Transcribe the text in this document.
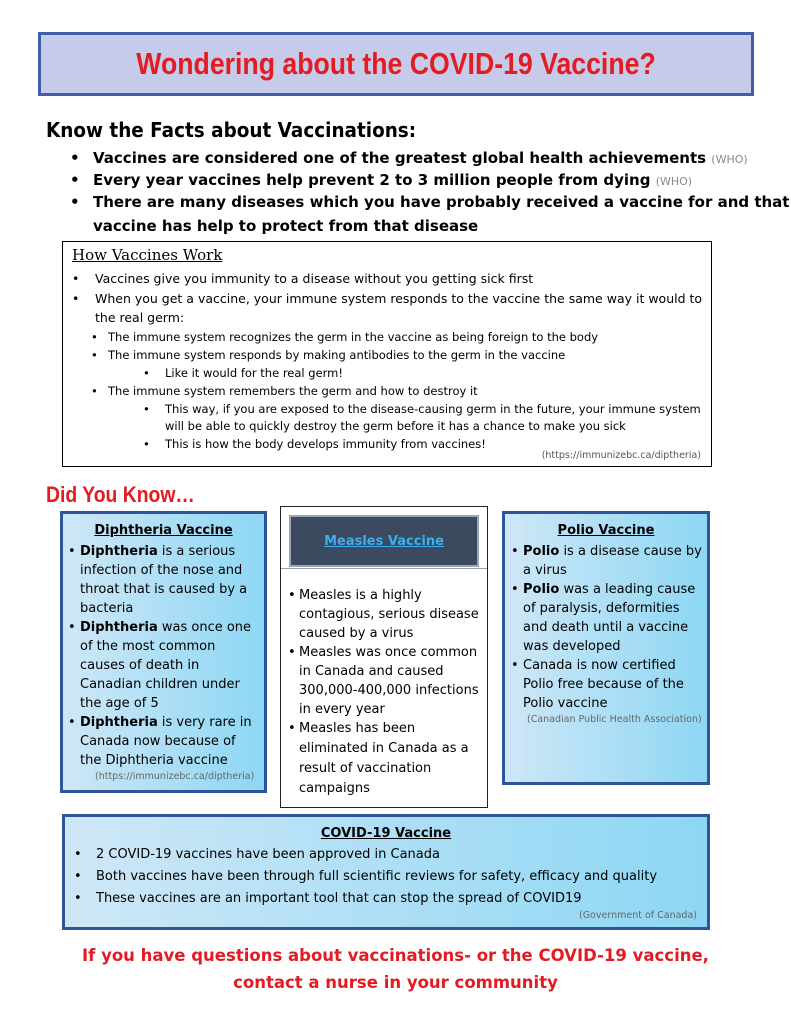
Wondering about the COVID-19 Vaccine?
Know the Facts about Vaccinations:
• Vaccines are considered one of the greatest global health achievements (WHO)
• Every year vaccines help prevent 2 to 3 million people from dying (WHO)
• There are many diseases which you have probably received a vaccine for and that
vaccine has help to protect from that disease
How Vaccines Work
• Vaccines give you immunity to a disease without you getting sick first
• When you get a vaccine, your immune system responds to the vaccine the same way it would to
the real germ:
• The immune system recognizes the germ in the vaccine as being foreign to the body
• The immune system responds by making antibodies to the germ in the vaccine
• Like it would for the real germ!
• The immune system remembers the germ and how to destroy it
• This way, if you are exposed to the disease-causing germ in the future, your immune system
will be able to quickly destroy the germ before it has a chance to make you sick
• This is how the body develops immunity from vaccines!
(https://immunizebc.ca/diptheria)
Did You Know…
Diphtheria Vaccine
• Diphtheria is a serious
infection of the nose and
throat that is caused by a
bacteria
• Diphtheria was once one
of the most common
causes of death in
Canadian children under
the age of 5
• Diphtheria is very rare in
Canada now because of
the Diphtheria vaccine
(https://immunizebc.ca/diptheria)
Measles Vaccine
• Measles is a highly
contagious, serious disease
caused by a virus
• Measles was once common
in Canada and caused
300,000-400,000 infections
in every year
• Measles has been
eliminated in Canada as a
result of vaccination
campaigns
Polio Vaccine
• Polio is a disease cause by
a virus
• Polio was a leading cause
of paralysis, deformities
and death until a vaccine
was developed
• Canada is now certified
Polio free because of the
Polio vaccine
(Canadian Public Health Association)
COVID-19 Vaccine
• 2 COVID-19 vaccines have been approved in Canada
• Both vaccines have been through full scientific reviews for safety, efficacy and quality
• These vaccines are an important tool that can stop the spread of COVID19
(Government of Canada)
If you have questions about vaccinations- or the COVID-19 vaccine,
contact a nurse in your community
